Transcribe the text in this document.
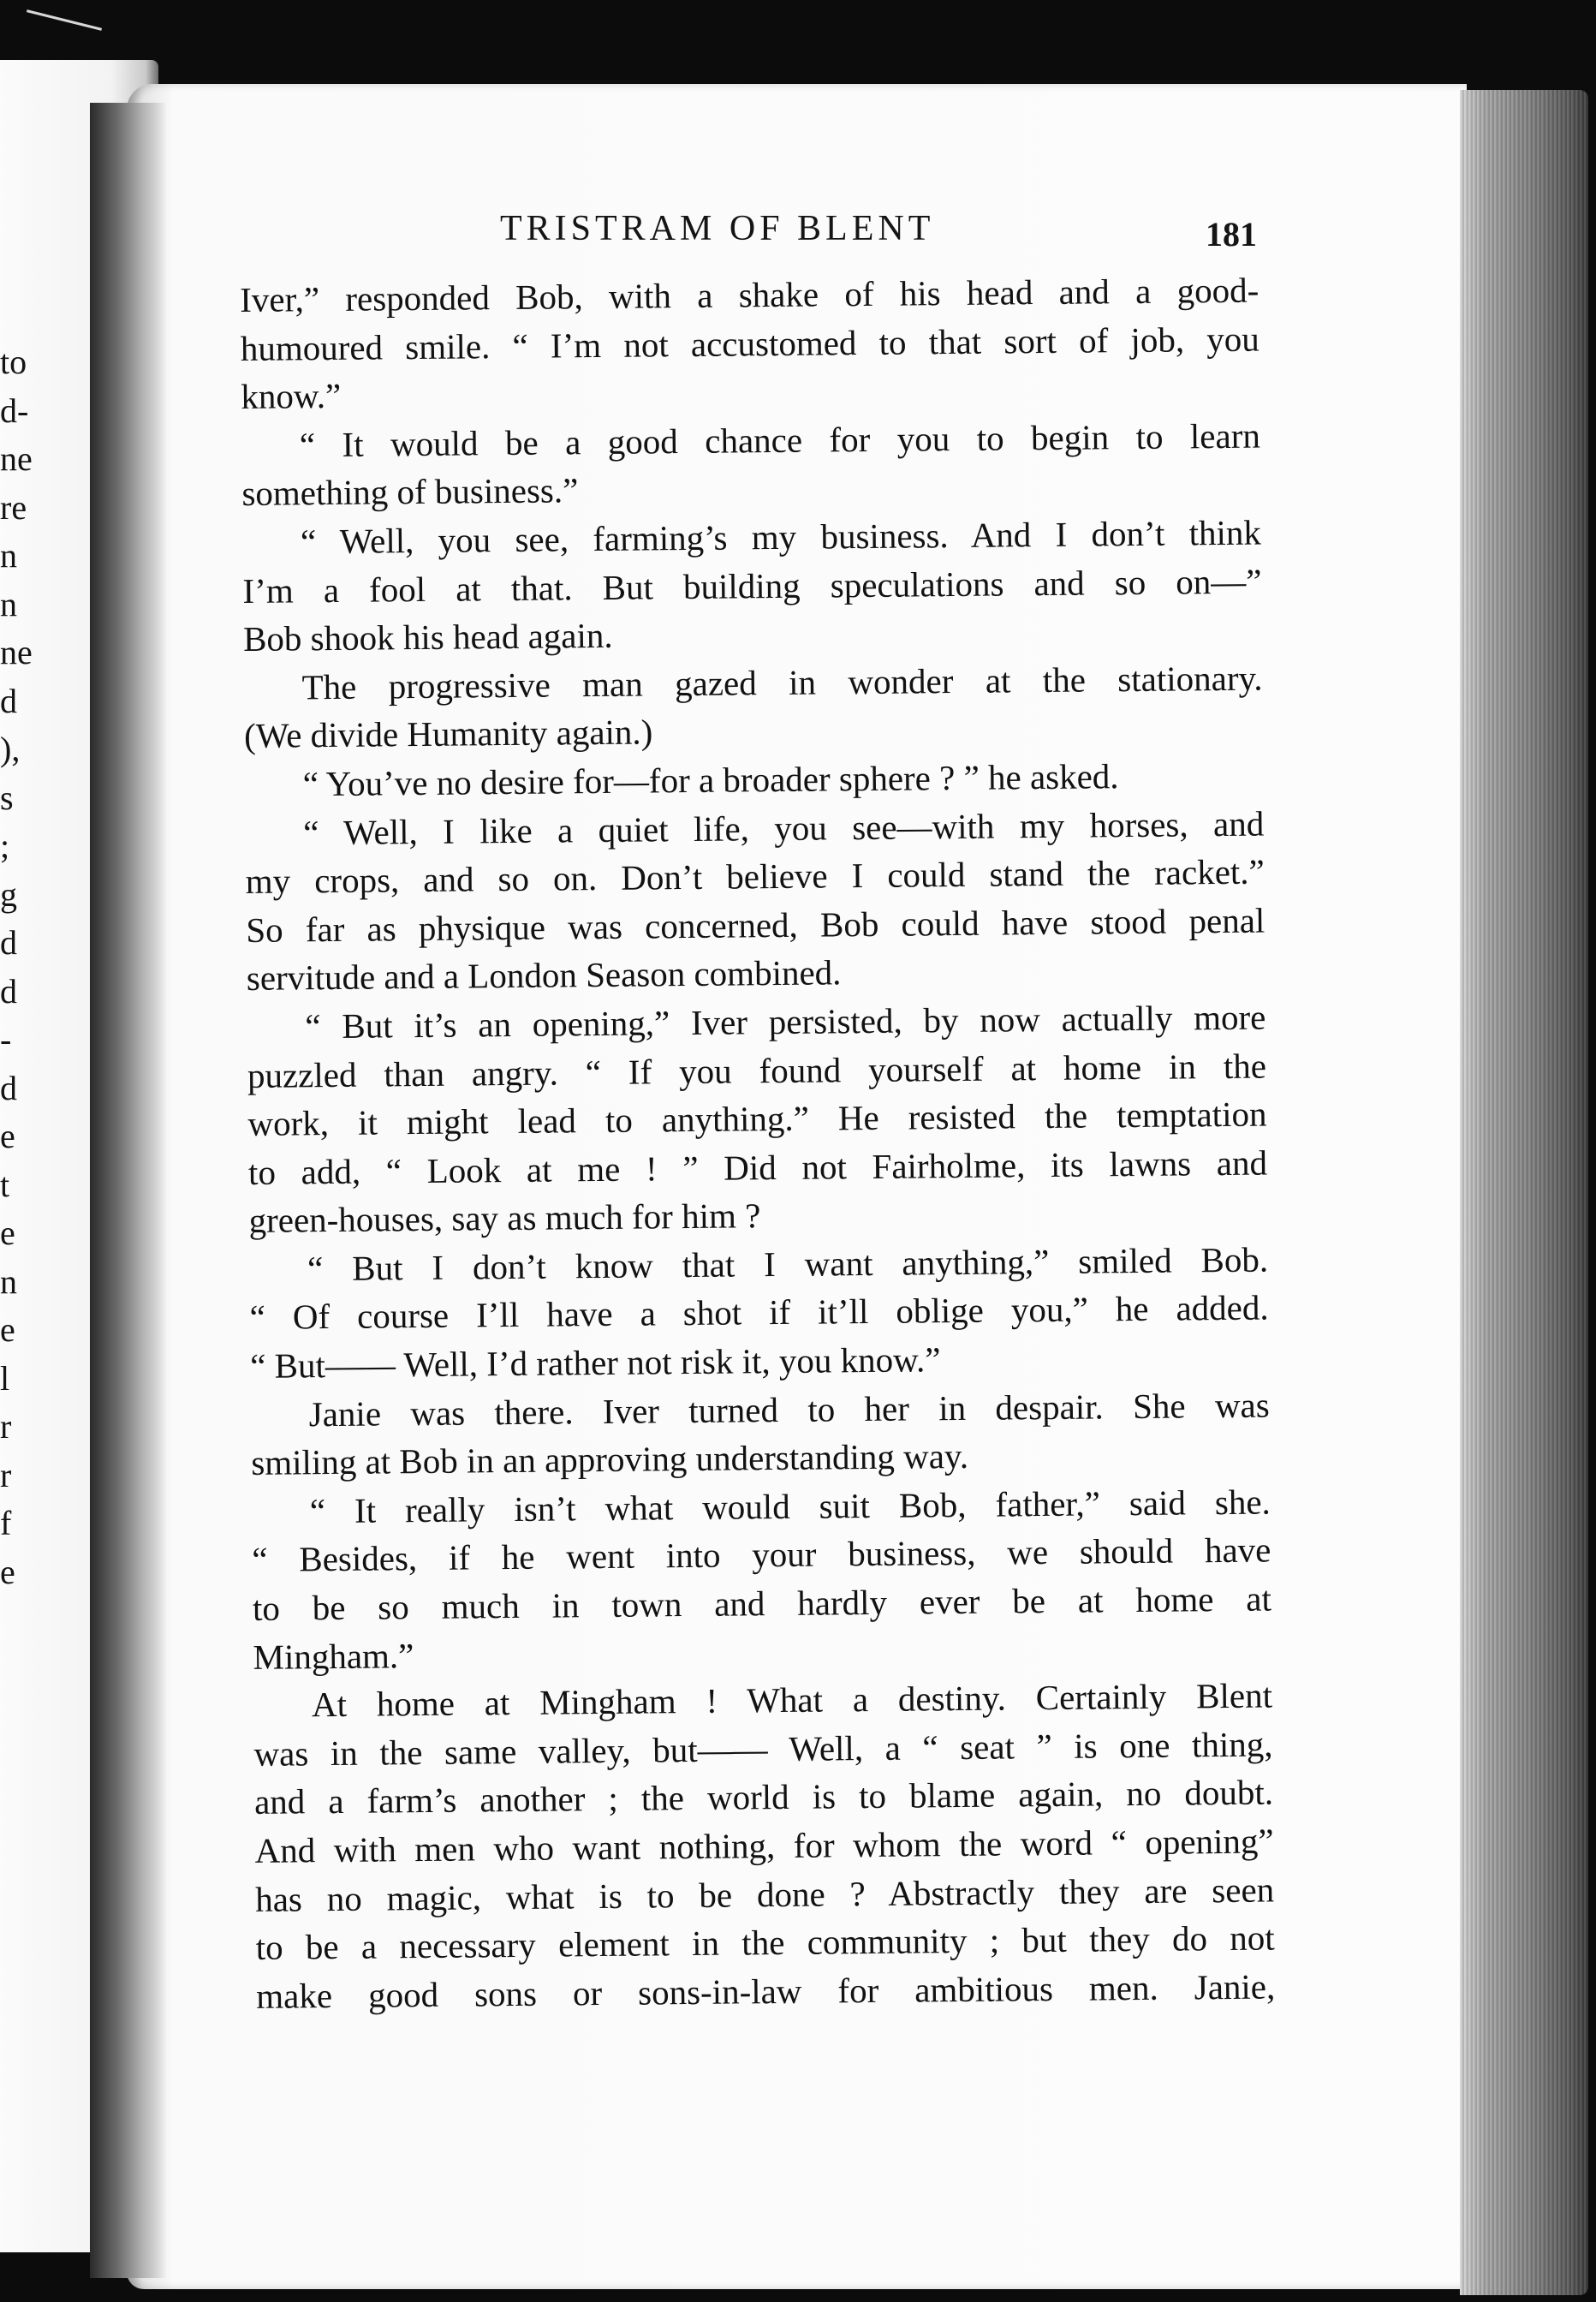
to
d-
ne
re
n
n
ne
d
),
s
;
g
d
d
-
d
e
t
e
n
e
l
r
r
f
e
TRISTRAM OF BLENT	181
Iver,” responded Bob, with a shake of his head and a good-
humoured smile. “ I’m not accustomed to that sort of job, you
know.”
“ It would be a good chance for you to begin to learn
something of business.”
“ Well, you see, farming’s my business. And I don’t think
I’m a fool at that. But building speculations and so on—”
Bob shook his head again.
The progressive man gazed in wonder at the stationary.
(We divide Humanity again.)
“ You’ve no desire for—for a broader sphere ? ” he asked.
“ Well, I like a quiet life, you see—with my horses, and
my crops, and so on. Don’t believe I could stand the racket.”
So far as physique was concerned, Bob could have stood penal
servitude and a London Season combined.
“ But it’s an opening,” Iver persisted, by now actually more
puzzled than angry. “ If you found yourself at home in the
work, it might lead to anything.” He resisted the temptation
to add, “ Look at me ! ” Did not Fairholme, its lawns and
green-houses, say as much for him ?
“ But I don’t know that I want anything,” smiled Bob.
“ Of course I’ll have a shot if it’ll oblige you,” he added.
“ But—— Well, I’d rather not risk it, you know.”
Janie was there. Iver turned to her in despair. She was
smiling at Bob in an approving understanding way.
“ It really isn’t what would suit Bob, father,” said she.
“ Besides, if he went into your business, we should have
to be so much in town and hardly ever be at home at
Mingham.”
At home at Mingham ! What a destiny. Certainly Blent
was in the same valley, but—— Well, a “ seat ” is one thing,
and a farm’s another ; the world is to blame again, no doubt.
And with men who want nothing, for whom the word “ opening”
has no magic, what is to be done ? Abstractly they are seen
to be a necessary element in the community ; but they do not
make good sons or sons-in-law for ambitious men. Janie,
